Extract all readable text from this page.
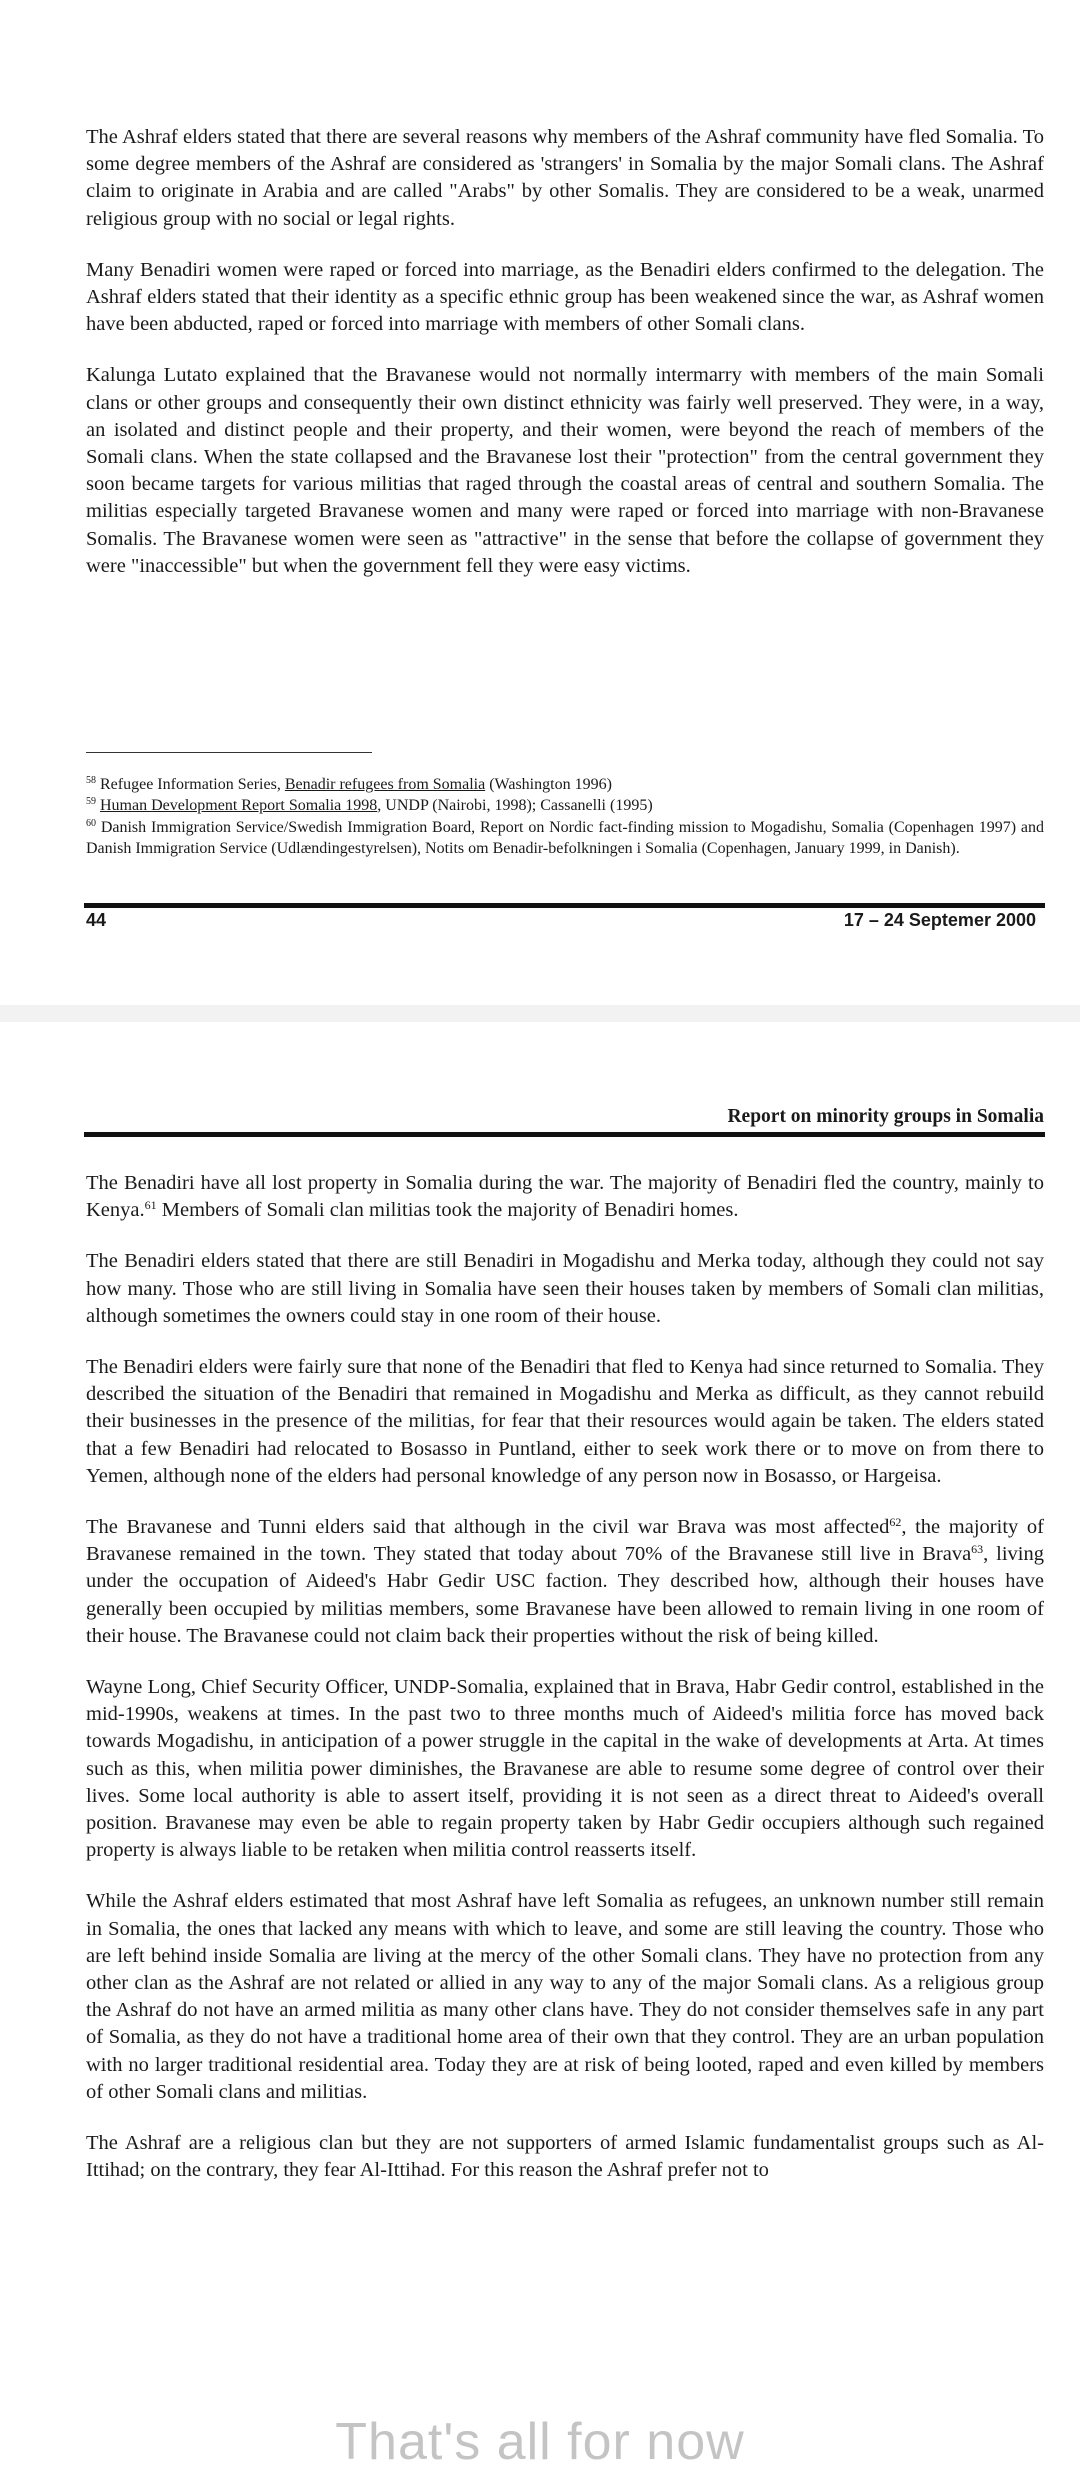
The Ashraf elders stated that there are several reasons why members of the Ashraf community have fled Somalia. To some degree members of the Ashraf are considered as 'strangers' in Somalia by the major Somali clans. The Ashraf claim to originate in Arabia and are called "Arabs" by other Somalis. They are considered to be a weak, unarmed religious group with no social or legal rights.

Many Benadiri women were raped or forced into marriage, as the Benadiri elders confirmed to the delegation. The Ashraf elders stated that their identity as a specific ethnic group has been weakened since the war, as Ashraf women have been abducted, raped or forced into marriage with members of other Somali clans.

Kalunga Lutato explained that the Bravanese would not normally intermarry with members of the main Somali clans or other groups and consequently their own distinct ethnicity was fairly well preserved. They were, in a way, an isolated and distinct people and their property, and their women, were beyond the reach of members of the Somali clans. When the state collapsed and the Bravanese lost their "protection" from the central government they soon became targets for various militias that raged through the coastal areas of central and southern Somalia. The militias especially targeted Bravanese women and many were raped or forced into marriage with non-Bravanese Somalis. The Bravanese women were seen as "attractive" in the sense that before the collapse of government they were "inaccessible" but when the government fell they were easy victims.

$^{58}$ Refugee Information Series, Benadir refugees from Somalia (Washington 1996)
$^{59}$ Human Development Report Somalia 1998, UNDP (Nairobi, 1998); Cassanelli (1995)
$^{60}$ Danish Immigration Service/Swedish Immigration Board, Report on Nordic fact-finding mission to Mogadishu, Somalia (Copenhagen 1997) and Danish Immigration Service (Udlændingestyrelsen), Notits om Benadir-befolkningen i Somalia (Copenhagen, January 1999, in Danish).
44	17 – 24 Septemer 2000
Report on minority groups in Somalia

The Benadiri have all lost property in Somalia during the war. The majority of Benadiri fled the country, mainly to Kenya.$^{61}$ Members of Somali clan militias took the majority of Benadiri homes.

The Benadiri elders stated that there are still Benadiri in Mogadishu and Merka today, although they could not say how many. Those who are still living in Somalia have seen their houses taken by members of Somali clan militias, although sometimes the owners could stay in one room of their house.

The Benadiri elders were fairly sure that none of the Benadiri that fled to Kenya had since returned to Somalia. They described the situation of the Benadiri that remained in Mogadishu and Merka as difficult, as they cannot rebuild their businesses in the presence of the militias, for fear that their resources would again be taken. The elders stated that a few Benadiri had relocated to Bosasso in Puntland, either to seek work there or to move on from there to Yemen, although none of the elders had personal knowledge of any person now in Bosasso, or Hargeisa.

The Bravanese and Tunni elders said that although in the civil war Brava was most affected$^{62}$, the majority of Bravanese remained in the town. They stated that today about 70% of the Bravanese still live in Brava$^{63}$, living under the occupation of Aideed's Habr Gedir USC faction. They described how, although their houses have generally been occupied by militias members, some Bravanese have been allowed to remain living in one room of their house. The Bravanese could not claim back their properties without the risk of being killed.

Wayne Long, Chief Security Officer, UNDP-Somalia, explained that in Brava, Habr Gedir control, established in the mid-1990s, weakens at times. In the past two to three months much of Aideed's militia force has moved back towards Mogadishu, in anticipation of a power struggle in the capital in the wake of developments at Arta. At times such as this, when militia power diminishes, the Bravanese are able to resume some degree of control over their lives. Some local authority is able to assert itself, providing it is not seen as a direct threat to Aideed's overall position. Bravanese may even be able to regain property taken by Habr Gedir occupiers although such regained property is always liable to be retaken when militia control reasserts itself.

While the Ashraf elders estimated that most Ashraf have left Somalia as refugees, an unknown number still remain in Somalia, the ones that lacked any means with which to leave, and some are still leaving the country. Those who are left behind inside Somalia are living at the mercy of the other Somali clans. They have no protection from any other clan as the Ashraf are not related or allied in any way to any of the major Somali clans. As a religious group the Ashraf do not have an armed militia as many other clans have. They do not consider themselves safe in any part of Somalia, as they do not have a traditional home area of their own that they control. They are an urban population with no larger traditional residential area. Today they are at risk of being looted, raped and even killed by members of other Somali clans and militias.

The Ashraf are a religious clan but they are not supporters of armed Islamic fundamentalist groups such as Al-Ittihad; on the contrary, they fear Al-Ittihad. For this reason the Ashraf prefer not to

That's all for now
